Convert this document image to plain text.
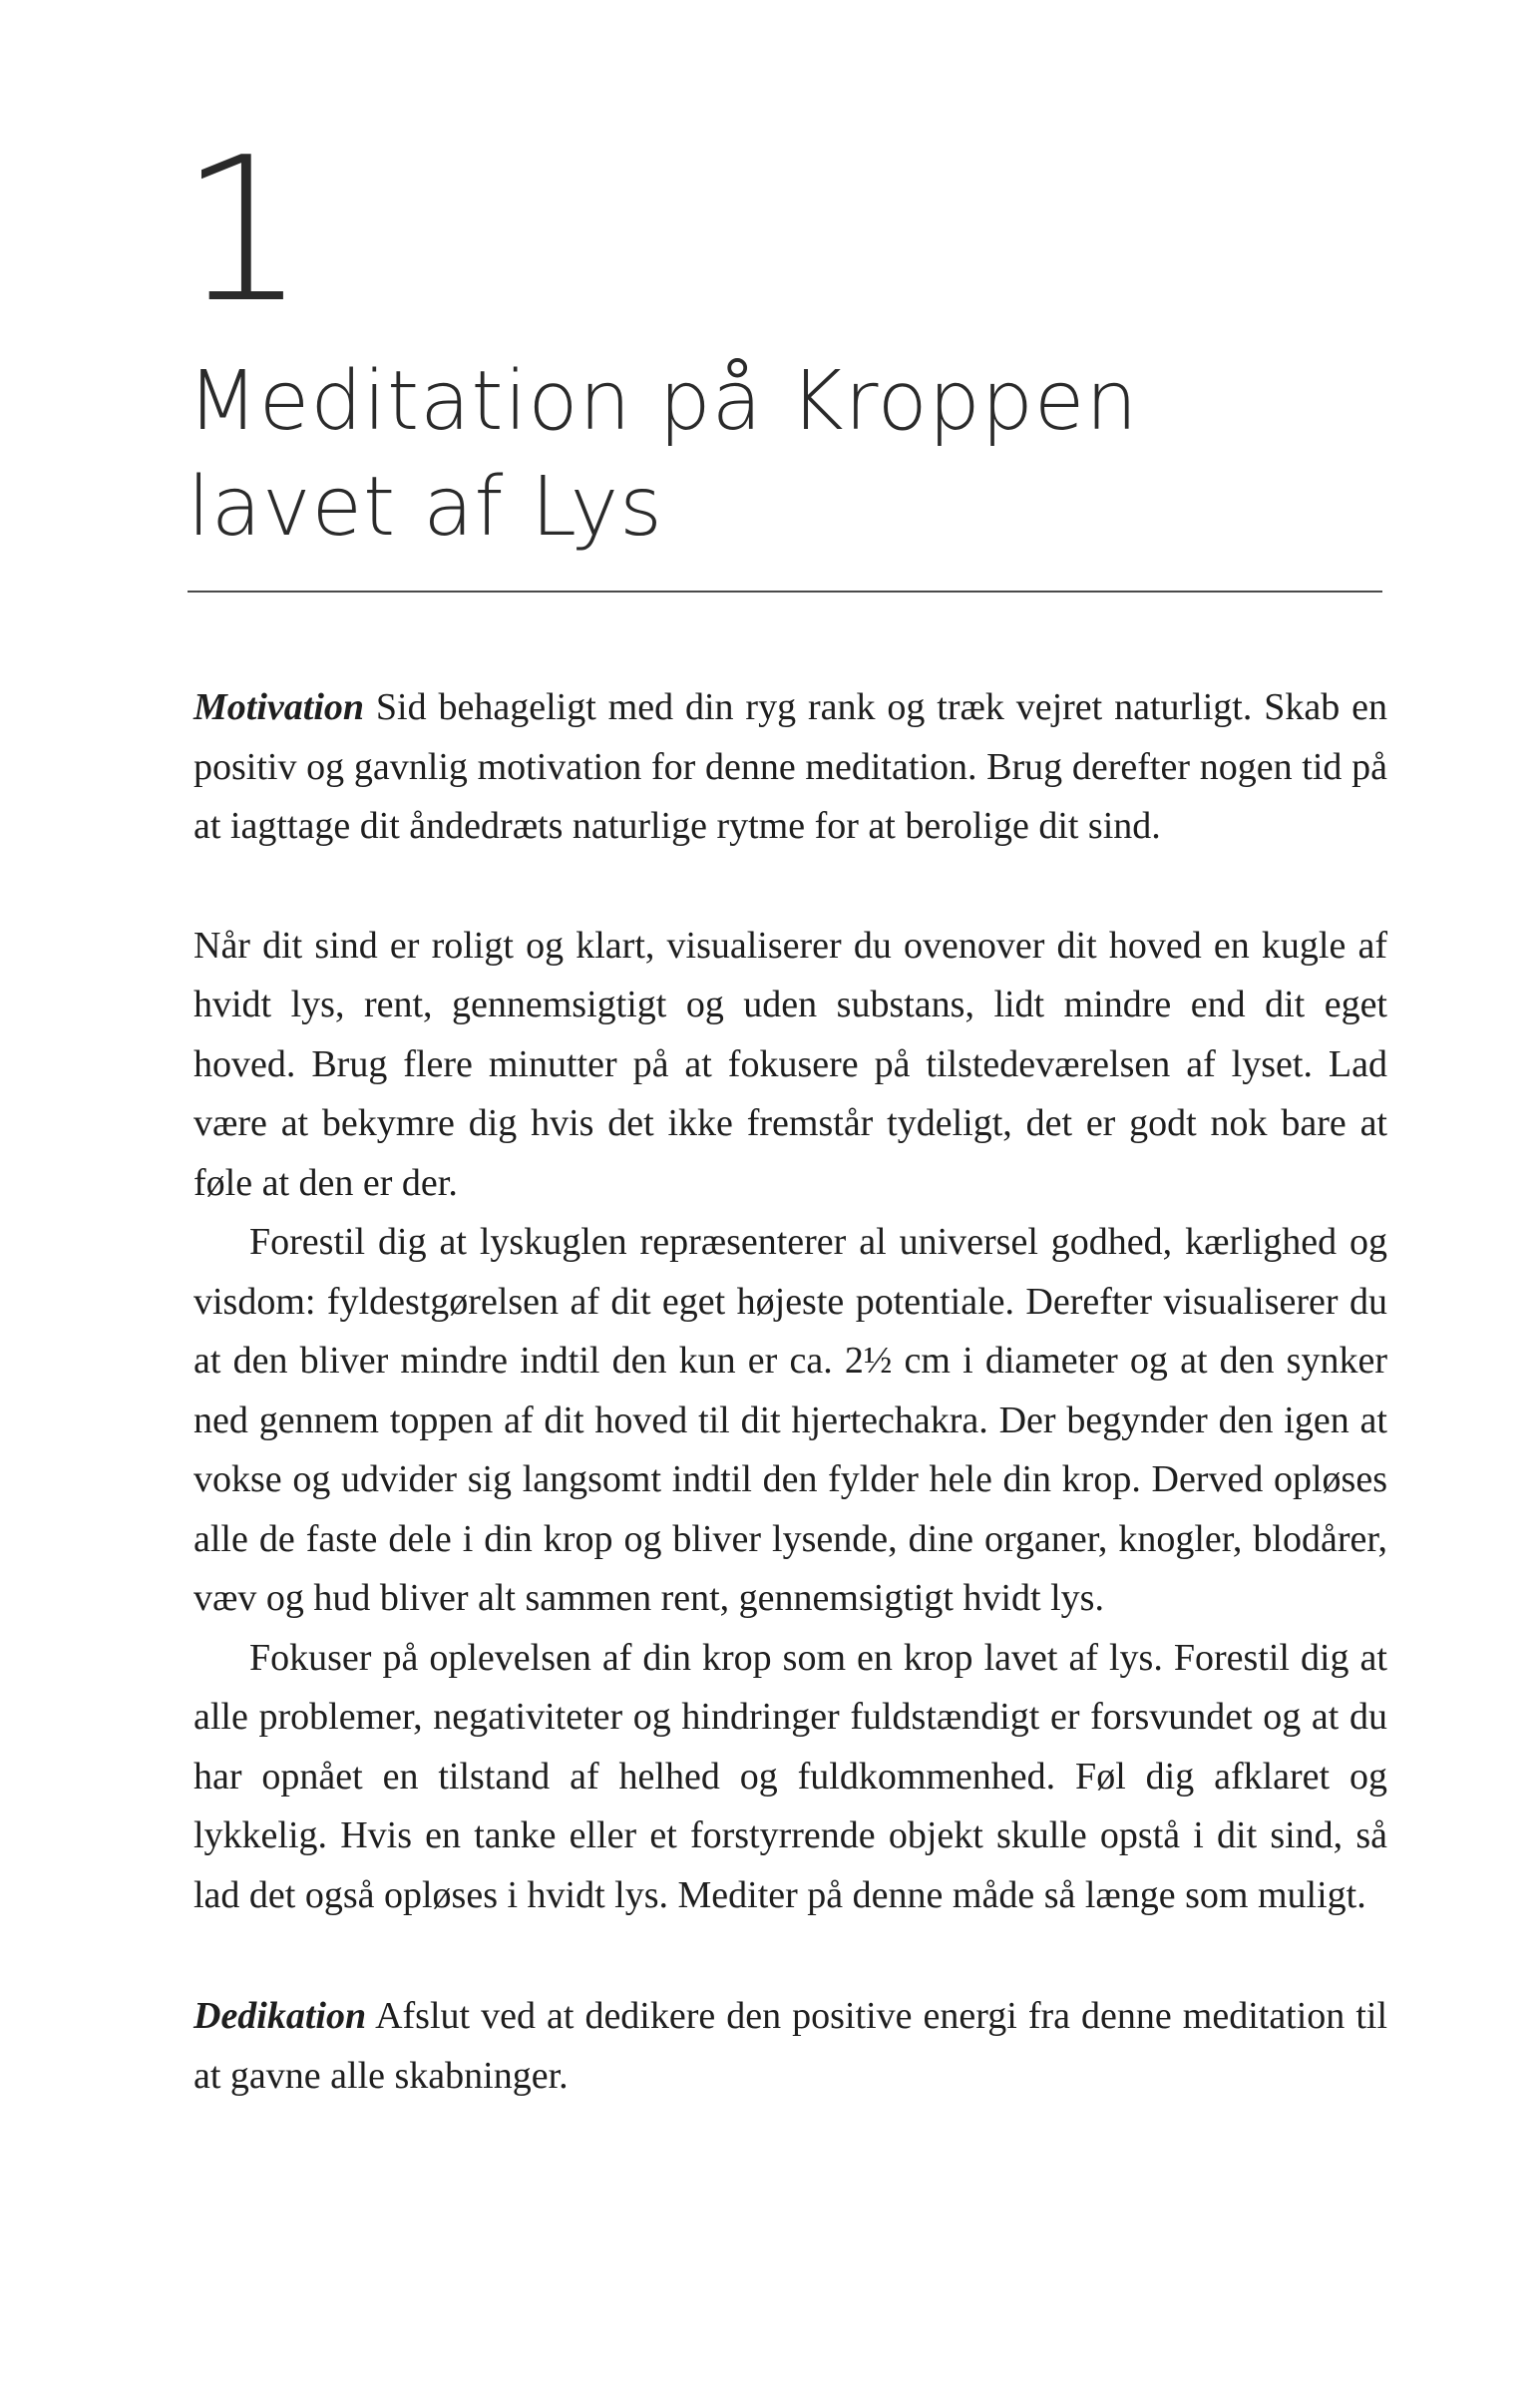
1
Meditation på Kroppen
lavet af Lys

Motivation Sid behageligt med din ryg rank og træk vejret naturligt. Skab en positiv og gavnlig motivation for denne meditation. Brug derefter nogen tid på at iagttage dit åndedræts naturlige rytme for at berolige dit sind.

Når dit sind er roligt og klart, visualiserer du ovenover dit hoved en kugle af hvidt lys, rent, gennemsigtigt og uden substans, lidt mindre end dit eget hoved. Brug flere minutter på at fokusere på tilstedeværelsen af lyset. Lad være at bekymre dig hvis det ikke fremstår tydeligt, det er godt nok bare at føle at den er der.

Forestil dig at lyskuglen repræsenterer al universel godhed, kærlighed og visdom: fyldestgørelsen af dit eget højeste potentiale. Derefter visualiserer du at den bliver mindre indtil den kun er ca. 2½ cm i diameter og at den synker ned gennem toppen af dit hoved til dit hjertechakra. Der begynder den igen at vokse og udvider sig langsomt indtil den fylder hele din krop. Derved opløses alle de faste dele i din krop og bliver lysende, dine organer, knogler, blodårer, væv og hud bliver alt sammen rent, gennemsigtigt hvidt lys.

Fokuser på oplevelsen af din krop som en krop lavet af lys. Forestil dig at alle problemer, negativiteter og hindringer fuldstændigt er forsvundet og at du har opnået en tilstand af helhed og fuldkommenhed. Føl dig afklaret og lykkelig. Hvis en tanke eller et forstyrrende objekt skulle opstå i dit sind, så lad det også opløses i hvidt lys. Mediter på denne måde så længe som muligt.

Dedikation Afslut ved at dedikere den positive energi fra denne meditation til at gavne alle skabninger.
